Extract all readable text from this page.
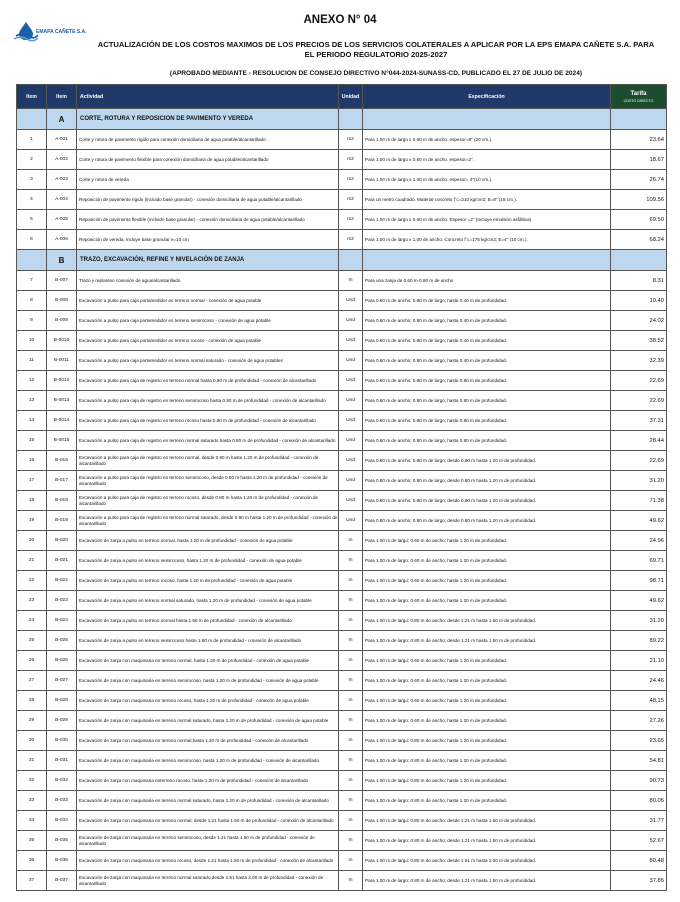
EMAPA CAÑETE S.A.
ANEXO N° 04
ACTUALIZACIÓN DE LOS COSTOS MAXIMOS DE LOS PRECIOS DE LOS SERVICIOS COLATERALES A APLICAR POR LA EPS EMAPA CAÑETE S.A. PARA EL PERIODO REGULATORIO 2025-2027
(APROBADO MEDIANTE - RESOLUCION DE CONSEJO DIRECTIVO N°044-2024-SUNASS-CD, PUBLICADO EL 27 DE JULIO DE 2024)
Item	Item	Actividad	Unidad	Especificación	Tarifa
COSTO DIRECTO

	A	CORTE, ROTURA Y REPOSICION DE PAVIMENTO Y VEREDA			
1	A-001	Corte y rotura de pavimento rígido para conexión domiciliaria de agua potable/alcantarillado	m2	Para 1.00 m de largo x 0.60 m de ancho. espesor=8" (20 cm.).	23.64
2	A-002	Corte y rotura de pavimento flexible para conexión domiciliaria de agua potable/alcantarillado	m2	Para 1.00 m de largo x 0.60 m de ancho. espesor=2".	18.67
3	A-003	Corte y rotura de vereda	m2	Para 1.00 m de largo x 1.00 m de ancho. espesor= 4"(10 cm.).	26.74
4	A-004	Reposición de pavimento rígido (incluido base granular) - conexión domiciliaria de agua potable/alcantarillado	m2	Para un metro cuadrado. Material concreto f´c=210 kg/cm2; E=8" (15 cm.).	109.56
5	A-005	Reposición de pavimento flexible (incluido base granular) - conexión domiciliaria de agua potable/alcantarillado	m2	Para 1.00 m de largo x 0.60 m de ancho. Espesor =2" (Incluye emulsión asfáltica)	69.50
6	A-006	Reposición de vereda, incluye base granular e=10 cm	m2	Para 1.00 m de largo x 1.00 de ancho. Concreto f´c=175 kg/cm2; E=4" (10 cm.).	68.24
	B	TRAZO, EXCAVACIÓN, REFINE Y NIVELACIÓN DE ZANJA			
7	B-007	Trazo y replanteo conexión de agua/alcantarillado	m	Para una zanja de 0.60 m-0.80 m de ancho	8.31
8	B-008	Excavación a pulso para caja portamedidor en terreno normal - conexión de agua potable	Und	Para 0.60 m de ancho; 0.80 m de largo; hasta 0.40 m de profundidad.	10.40
9	B-009	Excavación a pulso para caja portamedidor en terreno semirocoso - conexión de agua potable	Und	Para 0.60 m de ancho; 0.80 m de largo; hasta 0.40 m de profundidad.	24.02
10	B-0010	Excavación a pulso para caja portamedidor en terreno rocoso - conexión de agua potable	Und	Para 0.60 m de ancho; 0.80 m de largo; hasta 0.40 m de profundidad.	38.52
11	B-0011	Excavación a pulso para caja portamedidor en terreno normal saturado - conexión de agua potables	Und	Para 0.60 m de ancho; 0.80 m de largo; hasta 0.40 m de profundidad.	32.39
12	B-0012	Excavación a pulso para caja de registro en terreno normal hasta 0.80 m de profundidad - conexión de alcantarillado	Und	Para 0.60 m de ancho; 0.80 m de largo; hasta 0.80 m de profundidad.	22.69
13	B-0013	Excavación a pulso para caja de registro en terreno semirocoso hasta 0.80 m de profundidad - conexión de alcantarillado	Und	Para 0.60 m de ancho; 0.80 m de largo; hasta 0.80 m de profundidad.	22.69
14	B-0014	Excavación a pulso para caja de registro en terreno rocoso hasta 0.80 m de profundidad - conexión de alcantarillado	Und	Para 0.60 m de ancho; 0.80 m de largo; hasta 0.80 m de profundidad.	37.31
15	B-0015	Excavación a pulso para caja de registro en terreno normal saturado hasta 0.80 m de profundidad - conexión de alcantarillado	Und	Para 0.60 m de ancho; 0.80 m de largo; hasta 0.80 m de profundidad.	28.44
16	B-016	Excavación a pulso para caja de registro en terreno normal, desde 0.80 m hasta 1.20 m de profundidad - conexión de alcantarillado	Und	Para 0.80 m de ancho; 0.80 m de largo; desde 0.80 m hasta 1.20 m de profundidad.	22.69
17	B-017	Excavación a pulso para caja de registro en terreno semirocoso, desde 0.80 m hasta 1.20 m de profundidad - conexión de alcantarillado	Und	Para 0.80 m de ancho; 0.80 m de largo; desde 0.80 m hasta 1.20 m de profundidad.	31.20
18	B-018	Excavación a pulso para caja de registro en terreno rocoso, desde 0.80 m hasta 1.20 m de profundidad - conexión de alcantarillado	Und	Para 0.80 m de ancho; 0.80 m de largo; desde 0.80 m hasta 1.20 m de profundidad.	71.38
19	B-019	Excavación a pulso para caja de registro en terreno normal saturado, desde 0.80 m hasta 1.20 m de profundidad - conexión de alcantarillado	Und	Para 0.80 m de ancho; 0.80 m de largo; desde 0.80 m hasta 1.20 m de profundidad.	49.62
20	B-020	Excavación de zanja a pulso en terreno normal, hasta 1.20 m de profundidad - conexión de agua potable	m	Para 1.00 m de largo; 0.60 m de ancho; hasta 1.20 m de profundidad.	24.96
21	B-021	Excavación de zanja a pulso en terreno semirocoso, hasta 1.20 m de profundidad - conexión de agua potable	m	Para 1.00 m de largo; 0.60 m de ancho; hasta 1.20 m de profundidad.	69.71
22	B-022	Excavación de zanja a pulso en terreno rocoso, hasta 1.20 m de profundidad - conexión de agua potable	m	Para 1.00 m de largo; 0.60 m de ancho; hasta 1.20 m de profundidad.	98.71
23	B-023	Excavación de zanja a pulso en terreno normal saturado, hasta 1.20 m de profundidad - conexión de agua potable	m	Para 1.00 m de largo; 0.60 m de ancho; hasta 1.20 m de profundidad.	49.62
24	B-024	Excavación de zanja a pulso en terreno normal hasta 1.50 m de profundidad - conexión de alcantarillado	m	Para 1.00 m de largo; 0.80 m de ancho; desde 1.21 m hasta 1.50 m de profundidad.	31.20
25	B-025	Excavación de zanja a pulso en terreno semirocoso hasta 1.50 m de profundidad - conexión de alcantarillado	m	Para 1.00 m de largo; 0.80 m de ancho; desde 1.21 m hasta 1.50 m de profundidad.	89.22
26	B-026	Excavación de zanja con maquinaria en terreno normal, hasta 1.20 m de profundidad - conexión de agua potable	m	Para 1.00 m de largo; 0.60 m de ancho; hasta 1.20 m de profundidad.	21.10
27	B-027	Excavación de zanja con maquinaria en terreno semirocoso, hasta 1.20 m de profundidad - conexión de agua potable	m	Para 1.00 m de largo; 0.60 m de ancho; hasta 1.20 m de profundidad.	24.46
28	B-028	Excavación de zanja con maquinaria en terreno rocoso, hasta 1.20 m de profundidad - conexión de agua potable	m	Para 1.00 m de largo; 0.60 m de ancho; hasta 1.20 m de profundidad.	48.15
29	B-029	Excavación de zanja con maquinaria en terreno normal saturado, hasta 1.20 m de profundidad - conexión de agua potable	m	Para 1.00 m de largo; 0.60 m de ancho; hasta 1.20 m de profundidad.	27.26
30	B-030	Excavación de zanja con maquinaria en terreno normal,hasta 1.20 m de profundidad - conexión de alcantarillado	m	Para 1.00 m de largo; 0.80 m de ancho; hasta 1.20 m de profundidad.	23.65
31	B-031	Excavación de zanja con maquinaria en terreno semirocoso, hasta 1.20 m de profundidad - conexión de alcantarillado	m	Para 1.00 m de largo; 0.80 m de ancho; hasta 1.20 m de profundidad.	54.81
32	B-032	Excavación de zanja con maquinaria enterreno rocoso, hasta 1.20 m de profundidad - conexión de alcantarillado	m	Para 1.00 m de largo; 0.80 m de ancho; hasta 1.20 m de profundidad.	90.73
33	B-033	Excavación de zanja con maquinaria en terreno normal saturado, hasta 1.20 m de profundidad - conexión de alcantarillado	m	Para 1.00 m de largo; 0.80 m de ancho; hasta 1.20 m de profundidad.	80.05
34	B-034	Excavación de zanja con maquinaria en terreno normal, desde 1.21 hasta 1.50 m de profundidad - conexión de alcantarillado	m	Para 1.00 m de largo; 0.80 m de ancho; desde 1.21 m hasta 1.50 m de profundidad.	31.77
35	B-035	Excavación de zanja con maquinaria en terreno semirocoso, desde 1.21 hasta 1.50 m de profundidad - conexión de alcantarillado	m	Para 1.00 m de largo; 0.80 m de ancho; desde 1.21 m hasta 1.50 m de profundidad.	52.67
36	B-036	Excavación de zanja con maquinaria en terreno rocoso, desde 1.21 hasta 1.50 m de profundidad - conexión de alcantarillado	m	Para 1.00 m de largo; 0.80 m de ancho; desde 1.51 m hasta 2.00 m de profundidad.	80.48
37	B-037	Excavación de zanja con maquinaria en terreno normal saturado,desde 1.51 hasta 2.00 m de profundidad - conexión de alcantarillado	m	Para 1.00 m de largo; 0.80 m de ancho; desde 1.21 m hasta 1.50 m de profundidad.	37.85
